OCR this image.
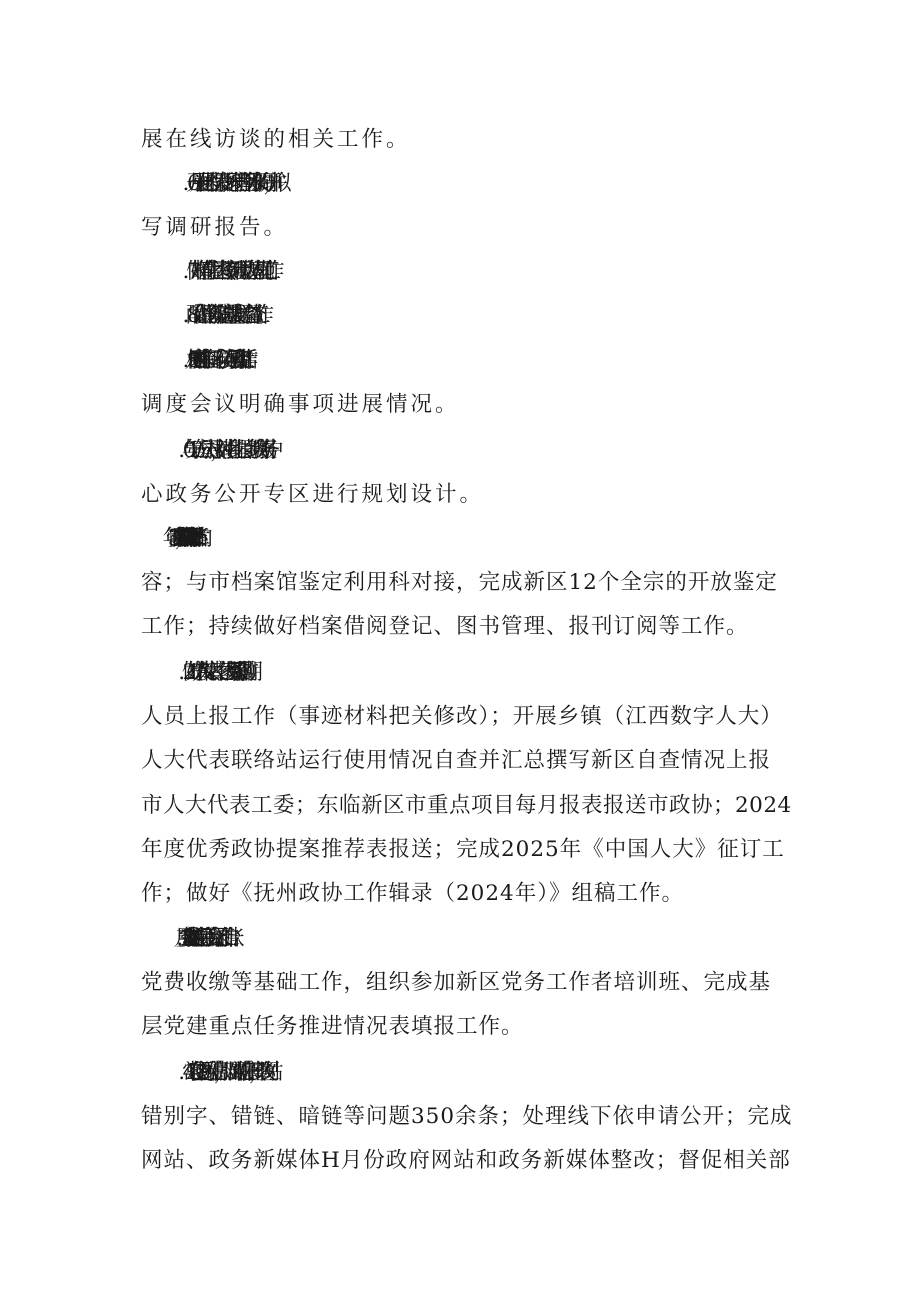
展在线访谈的相关工作。

6．开展强化医疗保障及提升医疗管理服务水平的调研，并拟

写调研报告。

7．做好精简优化基层考核专项清理党政办清理规范工作。

8．配合做好国务院推动高质量发展综合督查工作。

9．梳理11月底前东临新区专项债券项目和“三资盘活”工作

调度会议明确事项进展情况。

10．与第三方公司对接，对湖南乡、七里岗乡、政务服务中

心政务公开专区进行规划设计。

11．著录2023年管委会归档文件目录200条，并填好归档章内

容；与市档案馆鉴定利用科对接，完成新区12个全宗的开放鉴定

工作；持续做好档案借阅登记、图书管理、报刊订阅等工作。

12．做好市人大”六带头六表率之代表风采”采访活动前期

人员上报工作（事迹材料把关修改）；开展乡镇（江西数字人大）

人大代表联络站运行使用情况自查并汇总撰写新区自查情况上报

市人大代表工委；东临新区市重点项目每月报表报送市政协；2024

年度优秀政协提案推荐表报送；完成2025年《中国人大》征订工

作；做好《抚州政协工作辑录（2024年）》组稿工作。

13．完成11月支委会和主题党日等活动会议记录、工作台账、

党费收缴等基础工作，组织参加新区党务工作者培训班、完成基

层党建重点任务推进情况表填报工作。

14．常态化更新网站信息，加强对网站信息审核，整改网站

错别字、错链、暗链等问题350余条；处理线下依申请公开；完成

网站、政务新媒体H月份政府网站和政务新媒体整改；督促相关部
